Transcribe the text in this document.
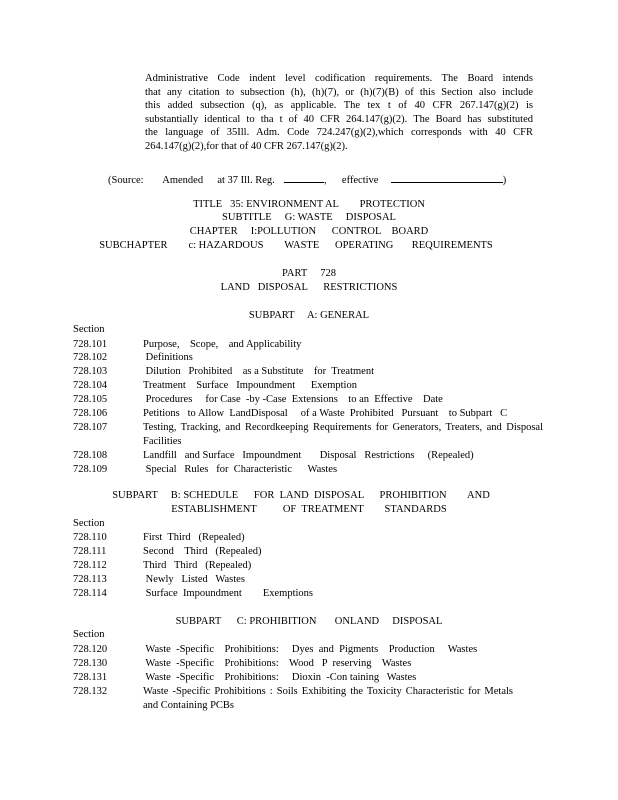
Administrative Code indent level codification requirements. The Board intends
that any citation to subsection (h), (h)(7), or (h)(7)(B) of this Section also include
this added subsection (q), as applicable. The tex t of 40 CFR 267.147(g)(2) is
substantially identical to tha t of 40 CFR 264.147(g)(2). The Board has substituted
the language of 35Ill. Adm. Code 724.247(g)(2),which corresponds with 40 CFR
264.147(g)(2),for that of 40 CFR 267.147(g)(2).
(Source: Amended at 37 Ill. Reg.	, effective	)
TITLE   35: ENVIRONMENT AL        PROTECTION
SUBTITLE     G: WASTE     DISPOSAL
CHAPTER     I:POLLUTION      CONTROL    BOARD
SUBCHAPTER        c: HAZARDOUS        WASTE      OPERATING       REQUIREMENTS
PART     728
LAND   DISPOSAL      RESTRICTIONS
SUBPART     A: GENERAL
Section
728.101	Purpose,    Scope,    and Applicability
728.102	Definitions
728.103	Dilution   Prohibited    as a Substitute    for  Treatment
728.104	Treatment    Surface   Impoundment      Exemption
728.105	Procedures     for Case  -by -Case  Extensions    to an  Effective    Date
728.106	Petitions   to Allow  LandDisposal     of a Waste  Prohibited   Pursuant    to Subpart   C
728.107	Testing, Tracking, and Recordkeeping Requirements for Generators, Treaters, and Disposal Facilities
728.108	Landfill   and Surface   Impoundment       Disposal   Restrictions     (Repealed)
728.109	Special   Rules   for  Characteristic      Wastes
SUBPART     B: SCHEDULE      FOR  LAND  DISPOSAL      PROHIBITION        AND
ESTABLISHMENT          OF  TREATMENT        STANDARDS
Section
728.110	First  Third   (Repealed)
728.111	Second    Third   (Repealed)
728.112	Third   Third   (Repealed)
728.113	Newly   Listed   Wastes
728.114	Surface  Impoundment        Exemptions
SUBPART      C: PROHIBITION       ONLAND     DISPOSAL
Section
728.120	Waste  -Specific    Prohibitions:     Dyes  and  Pigments    Production     Wastes
728.130	Waste  -Specific    Prohibitions:    Wood   P  reserving    Wastes
728.131	Waste  -Specific    Prohibitions:     Dioxin  -Con taining   Wastes
728.132	Waste -Specific Prohibitions : Soils Exhibiting the Toxicity Characteristic for Metals and Containing PCBs
